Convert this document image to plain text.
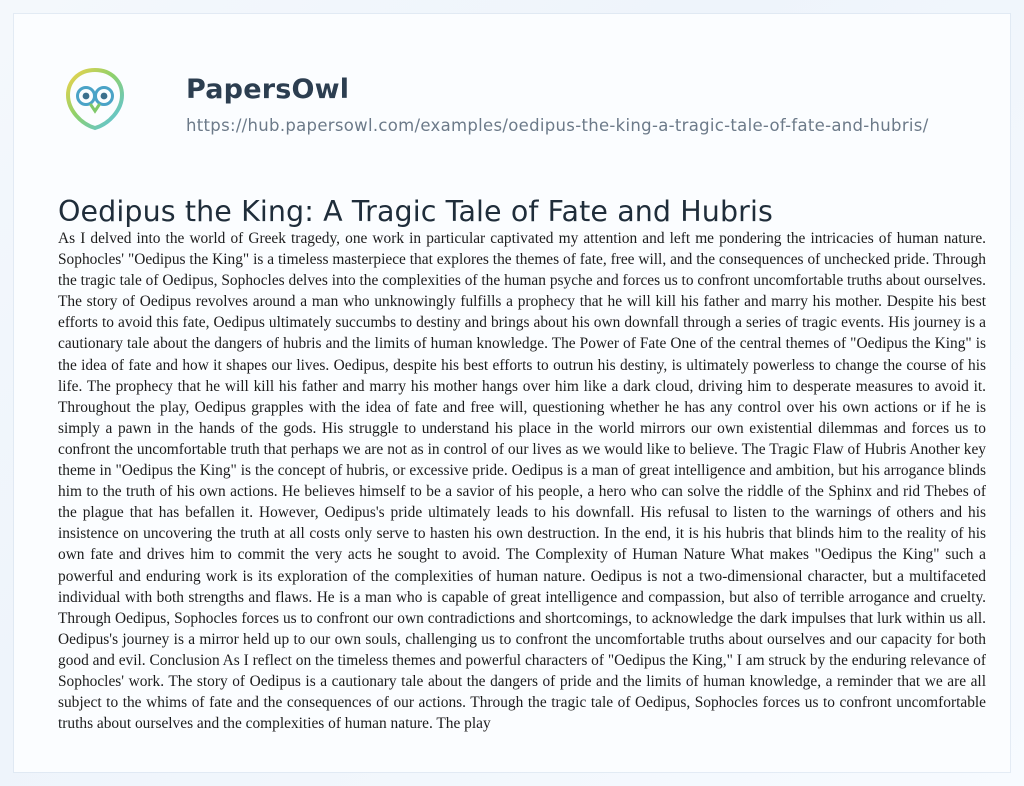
PapersOwl
https://hub.papersowl.com/examples/oedipus-the-king-a-tragic-tale-of-fate-and-hubris/
Oedipus the King: A Tragic Tale of Fate and Hubris
As I delved into the world of Greek tragedy, one work in particular captivated my attention and left me pondering the intricacies of human nature. Sophocles' "Oedipus the King" is a timeless masterpiece that explores the themes of fate, free will, and the consequences of unchecked pride. Through the tragic tale of Oedipus, Sophocles delves into the complexities of the human psyche and forces us to confront uncomfortable truths about ourselves. The story of Oedipus revolves around a man who unknowingly fulfills a prophecy that he will kill his father and marry his mother. Despite his best efforts to avoid this fate, Oedipus ultimately succumbs to destiny and brings about his own downfall through a series of tragic events. His journey is a cautionary tale about the dangers of hubris and the limits of human knowledge. The Power of Fate One of the central themes of "Oedipus the King" is the idea of fate and how it shapes our lives. Oedipus, despite his best efforts to outrun his destiny, is ultimately powerless to change the course of his life. The prophecy that he will kill his father and marry his mother hangs over him like a dark cloud, driving him to desperate measures to avoid it. Throughout the play, Oedipus grapples with the idea of fate and free will, questioning whether he has any control over his own actions or if he is simply a pawn in the hands of the gods. His struggle to understand his place in the world mirrors our own existential dilemmas and forces us to confront the uncomfortable truth that perhaps we are not as in control of our lives as we would like to believe. The Tragic Flaw of Hubris Another key theme in "Oedipus the King" is the concept of hubris, or excessive pride. Oedipus is a man of great intelligence and ambition, but his arrogance blinds him to the truth of his own actions. He believes himself to be a savior of his people, a hero who can solve the riddle of the Sphinx and rid Thebes of the plague that has befallen it. However, Oedipus's pride ultimately leads to his downfall. His refusal to listen to the warnings of others and his insistence on uncovering the truth at all costs only serve to hasten his own destruction. In the end, it is his hubris that blinds him to the reality of his own fate and drives him to commit the very acts he sought to avoid. The Complexity of Human Nature What makes "Oedipus the King" such a powerful and enduring work is its exploration of the complexities of human nature. Oedipus is not a two-dimensional character, but a multifaceted individual with both strengths and flaws. He is a man who is capable of great intelligence and compassion, but also of terrible arrogance and cruelty. Through Oedipus, Sophocles forces us to confront our own contradictions and shortcomings, to acknowledge the dark impulses that lurk within us all. Oedipus's journey is a mirror held up to our own souls, challenging us to confront the uncomfortable truths about ourselves and our capacity for both good and evil. Conclusion As I reflect on the timeless themes and powerful characters of "Oedipus the King," I am struck by the enduring relevance of Sophocles' work. The story of Oedipus is a cautionary tale about the dangers of pride and the limits of human knowledge, a reminder that we are all subject to the whims of fate and the consequences of our actions. Through the tragic tale of Oedipus, Sophocles forces us to confront uncomfortable truths about ourselves and the complexities of human nature. The play
